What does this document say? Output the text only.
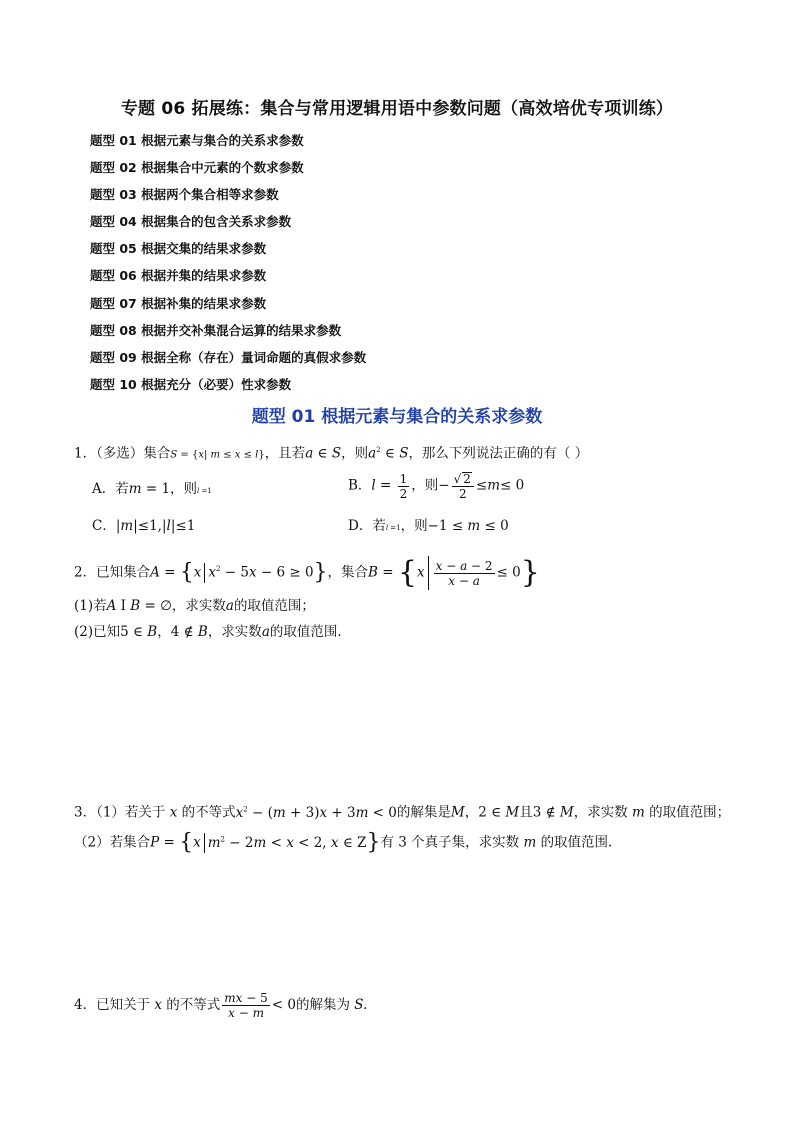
专题 06 拓展练：集合与常用逻辑用语中参数问题（高效培优专项训练）
题型 01 根据元素与集合的关系求参数
题型 02 根据集合中元素的个数求参数
题型 03 根据两个集合相等求参数
题型 04 根据集合的包含关系求参数
题型 05 根据交集的结果求参数
题型 06 根据并集的结果求参数
题型 07 根据补集的结果求参数
题型 08 根据并交补集混合运算的结果求参数
题型 09 根据全称（存在）量词命题的真假求参数
题型 10 根据充分（必要）性求参数
题型 01 根据元素与集合的关系求参数
1．（多选）集合S = {x| m ≤ x ≤ l}，且若a ∈ S，则$a^2$ ∈ S，那么下列说法正确的有（ ）
A．若m = 1，则l =1	B．$l = \frac{1}{2}$ ，则− $\frac{√ 2}{2} \le m\le 0$
C．|m|≤1,|l|≤1	D．若l =1，则−1 ≤ m ≤ 0
2．已知集合A = {x $x^2 - 5x - 6 \ge 0$}，集合$B = \{x \frac{x - a - 2}{x - a} \le 0\}$
(1)若A I B = ∅，求实数a的取值范围；
(2)已知5 ∈ B，4 ∉ B，求实数a的取值范围.
3．（1）若关于 x 的不等式$x^2 - (m + 3)x + 3m < 0$的解集是M，2 ∈ M且3 ∉ M，求实数 m 的取值范围；
（2）若集合P = {x $m^2 - 2m < x < 2$, x ∈ Z}有 3 个真子集，求实数 m 的取值范围.
4．已知关于 x 的不等式 $\frac{mx - 5}{x - m} < 0$的解集为 S.
